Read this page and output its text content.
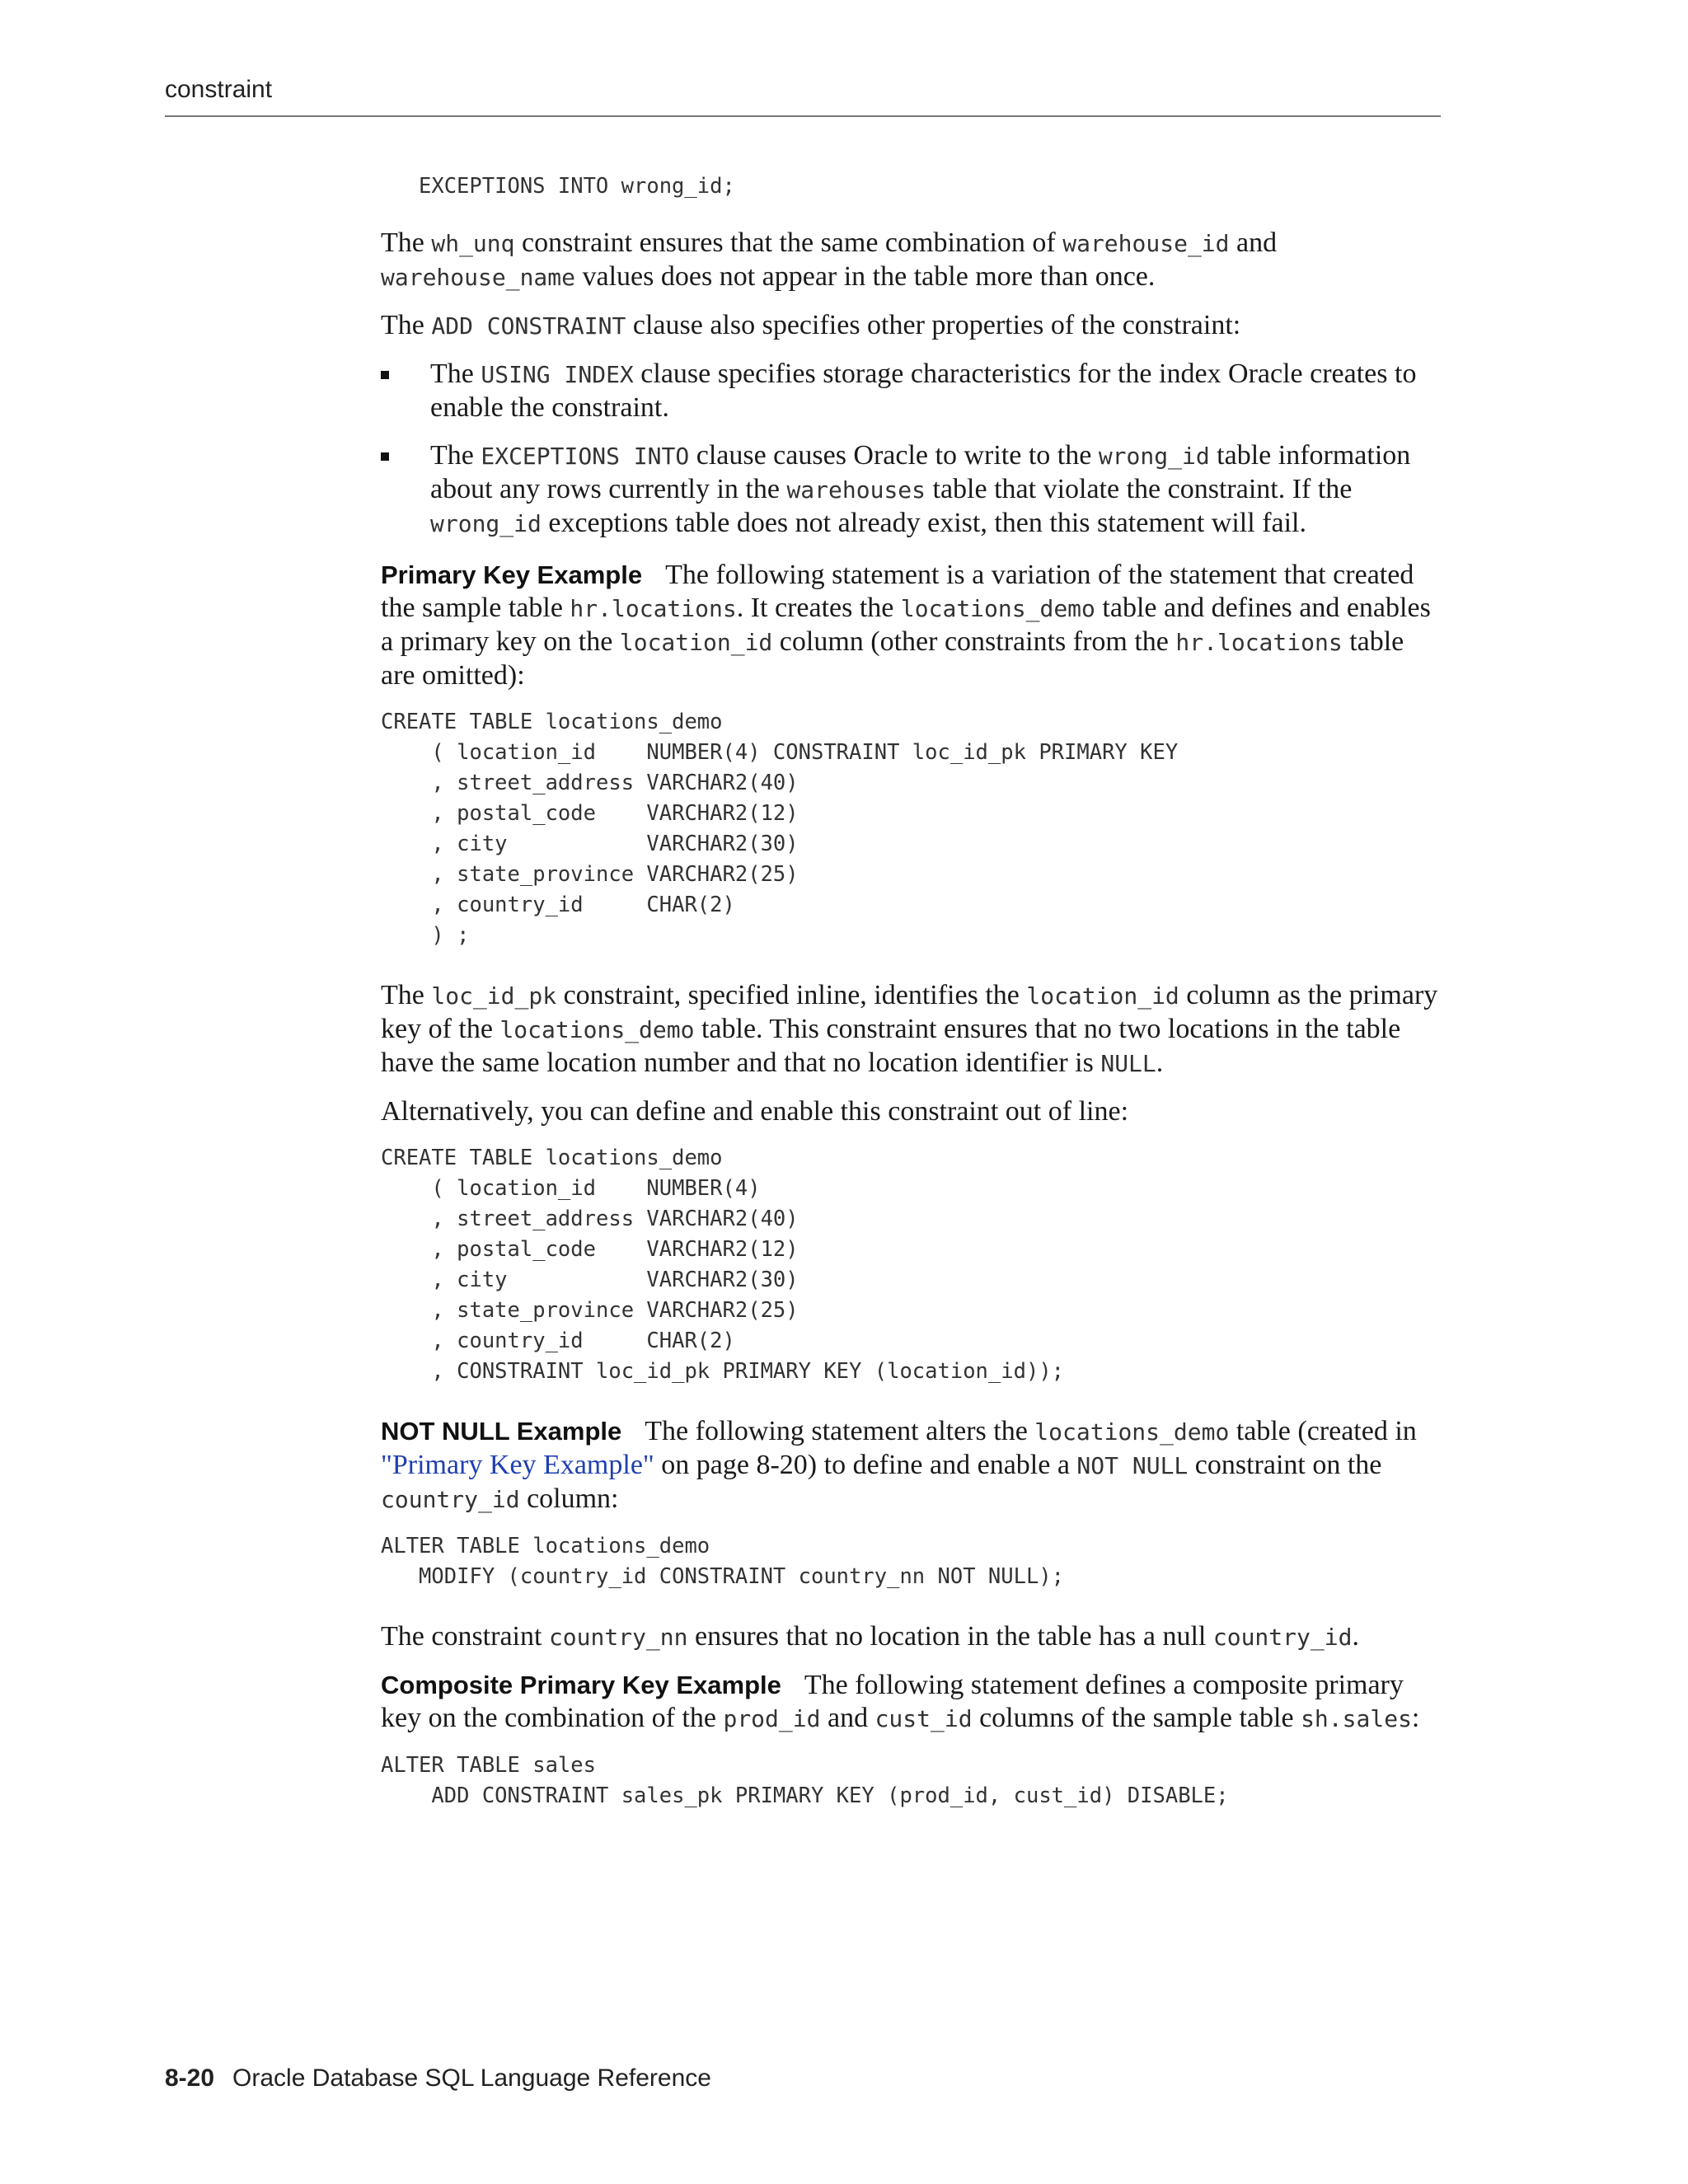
constraint
EXCEPTIONS INTO wrong_id;

The wh_unq constraint ensures that the same combination of warehouse_id and warehouse_name values does not appear in the table more than once.

The ADD CONSTRAINT clause also specifies other properties of the constraint:

The USING INDEX clause specifies storage characteristics for the index Oracle creates to enable the constraint.
The EXCEPTIONS INTO clause causes Oracle to write to the wrong_id table information about any rows currently in the warehouses table that violate the constraint. If the wrong_id exceptions table does not already exist, then this statement will fail.

Primary Key Example The following statement is a variation of the statement that created the sample table hr.locations. It creates the locations_demo table and defines and enables a primary key on the location_id column (other constraints from the hr.locations table are omitted):

CREATE TABLE locations_demo
( location_id    NUMBER(4) CONSTRAINT loc_id_pk PRIMARY KEY
, street_address VARCHAR2(40)
, postal_code    VARCHAR2(12)
, city           VARCHAR2(30)
, state_province VARCHAR2(25)
, country_id     CHAR(2)
) ;

The loc_id_pk constraint, specified inline, identifies the location_id column as the primary key of the locations_demo table. This constraint ensures that no two locations in the table have the same location number and that no location identifier is NULL.

Alternatively, you can define and enable this constraint out of line:

CREATE TABLE locations_demo
( location_id    NUMBER(4)
, street_address VARCHAR2(40)
, postal_code    VARCHAR2(12)
, city           VARCHAR2(30)
, state_province VARCHAR2(25)
, country_id     CHAR(2)
, CONSTRAINT loc_id_pk PRIMARY KEY (location_id));

NOT NULL Example The following statement alters the locations_demo table (created in "Primary Key Example" on page 8-20) to define and enable a NOT NULL constraint on the country_id column:

ALTER TABLE locations_demo
MODIFY (country_id CONSTRAINT country_nn NOT NULL);

The constraint country_nn ensures that no location in the table has a null country_id.

Composite Primary Key Example The following statement defines a composite primary key on the combination of the prod_id and cust_id columns of the sample table sh.sales:

ALTER TABLE sales
ADD CONSTRAINT sales_pk PRIMARY KEY (prod_id, cust_id) DISABLE;
8-20 Oracle Database SQL Language Reference
